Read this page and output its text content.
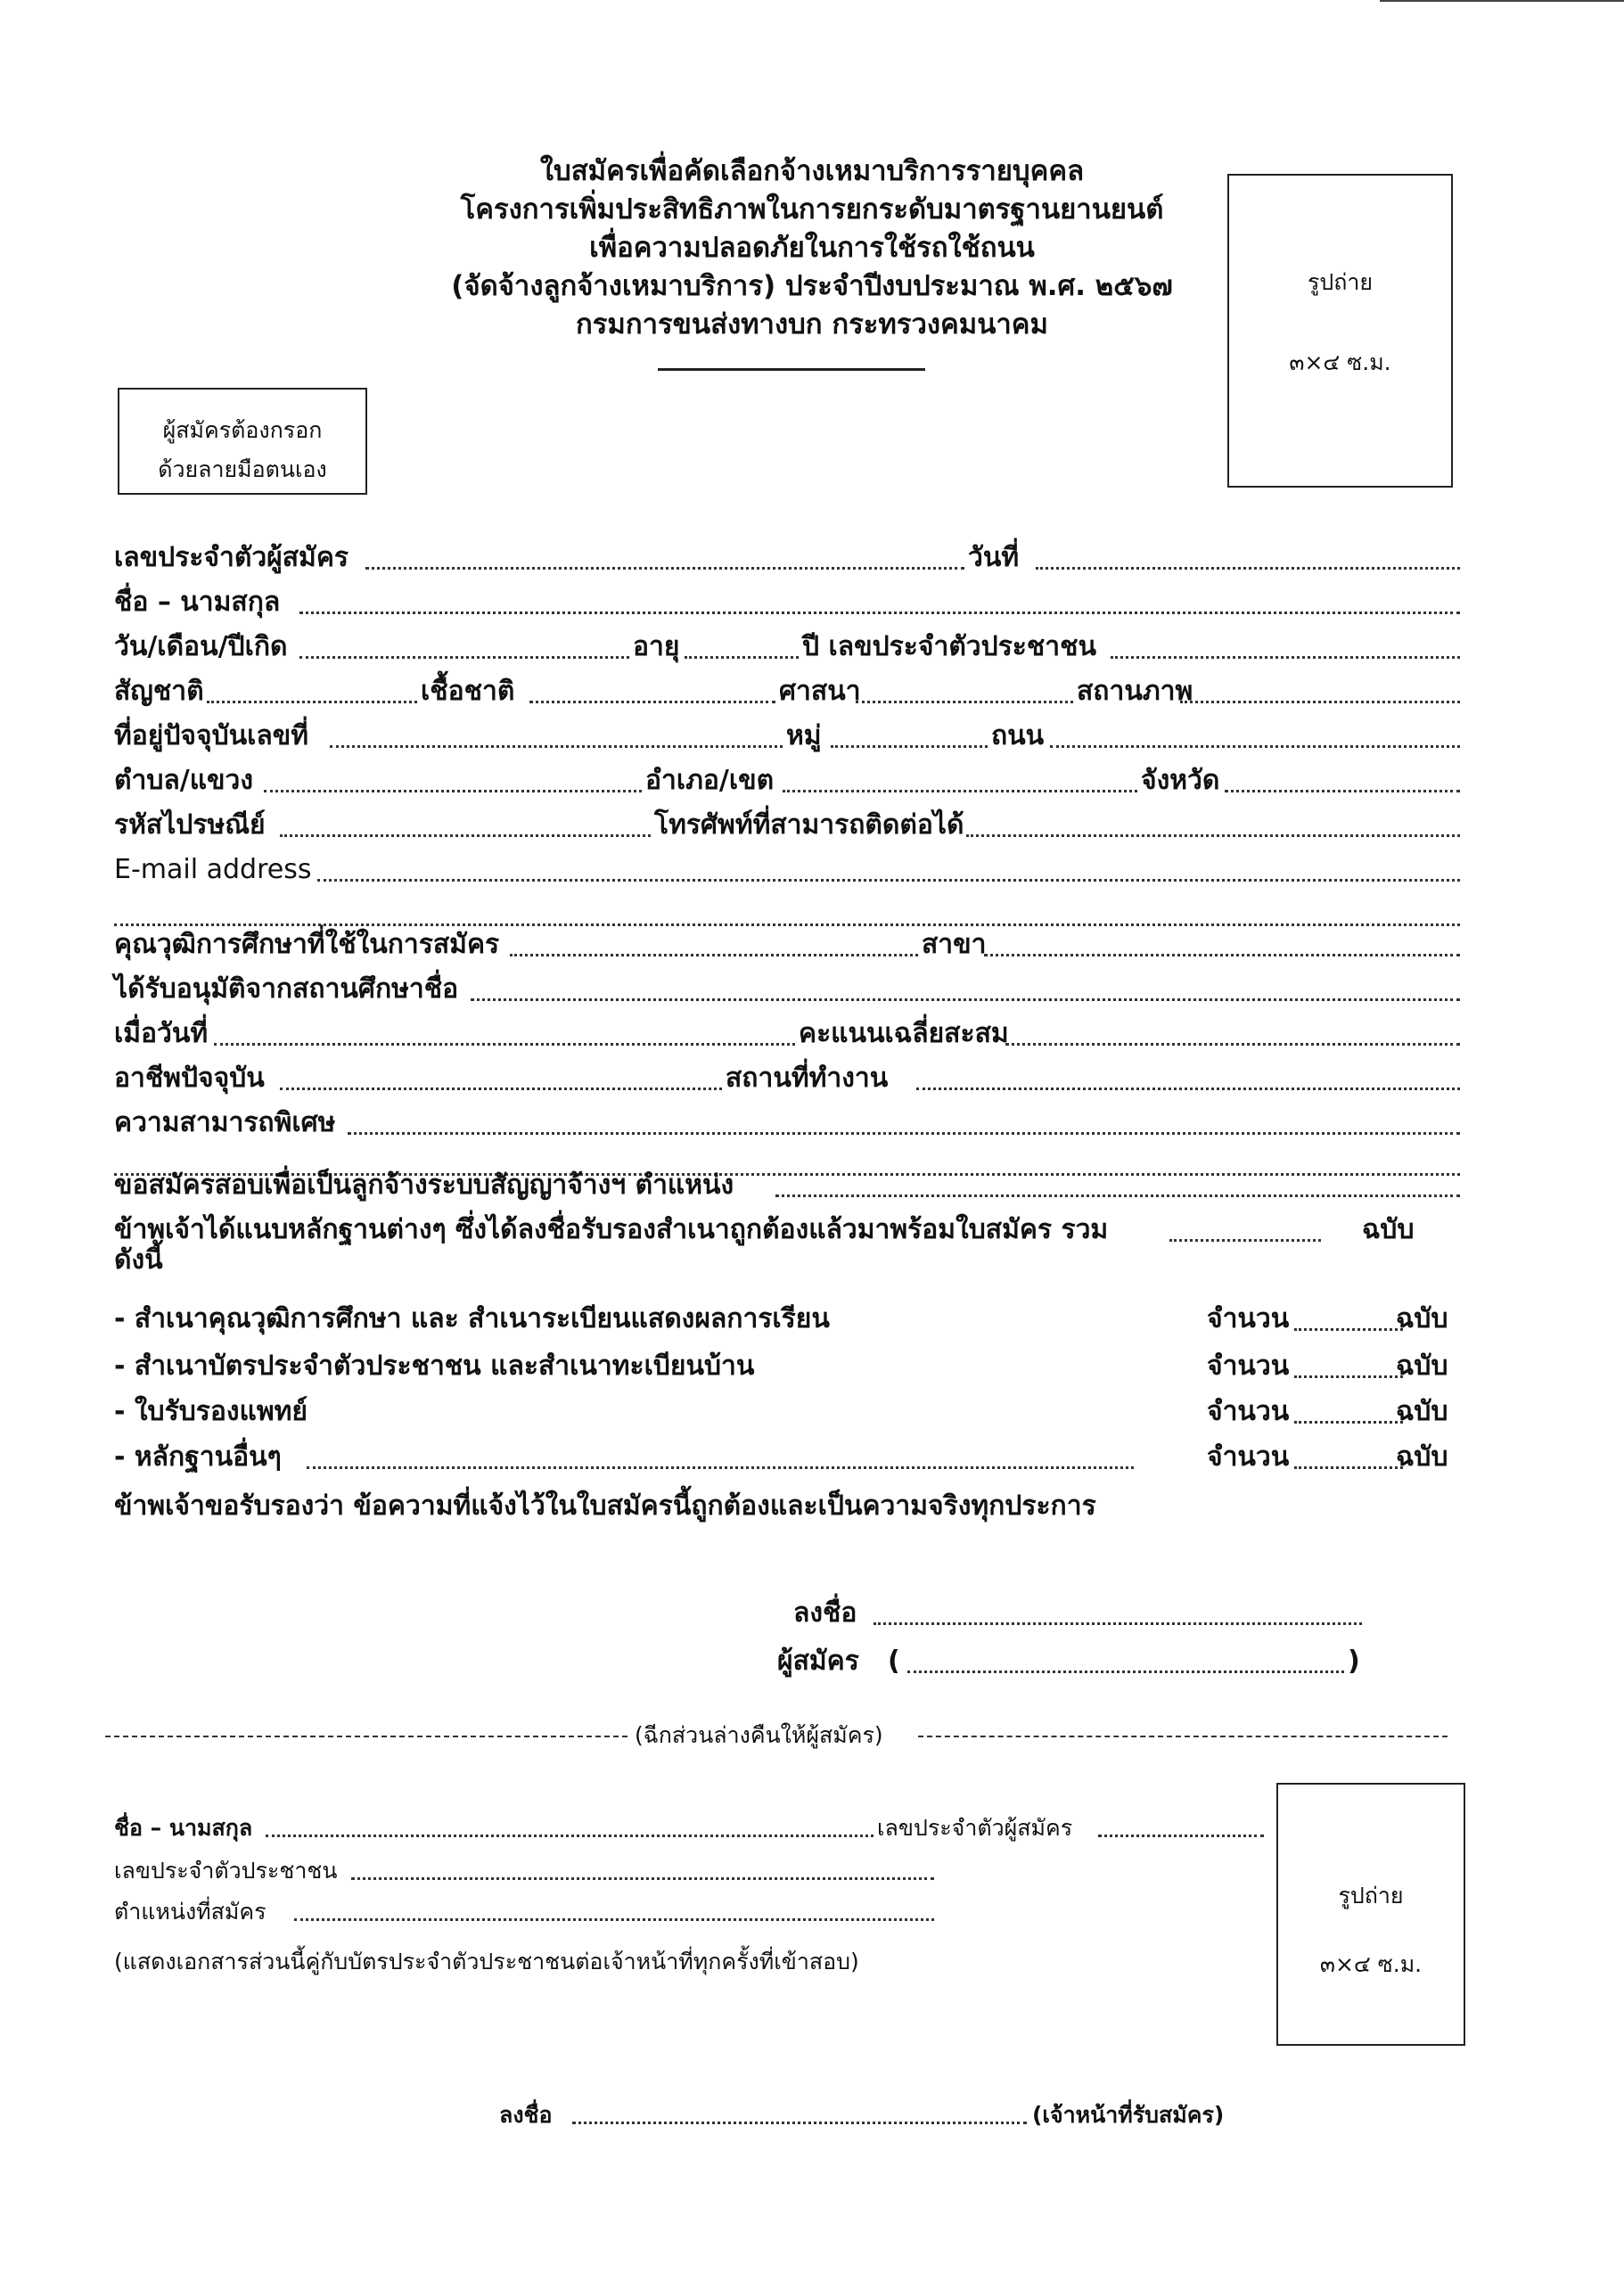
ใบสมัครเพื่อคัดเลือกจ้างเหมาบริการรายบุคคล
โครงการเพิ่มประสิทธิภาพในการยกระดับมาตรฐานยานยนต์
เพื่อความปลอดภัยในการใช้รถใช้ถนน
(จัดจ้างลูกจ้างเหมาบริการ) ประจำปีงบประมาณ พ.ศ. ๒๕๖๗
กรมการขนส่งทางบก กระทรวงคมนาคม
รูปถ่าย
๓×๔ ซ.ม.
ผู้สมัครต้องกรอก
ด้วยลายมือตนเอง
เลขประจำตัวผู้สมัคร	วันที่
ชื่อ – นามสกุล
วัน/เดือน/ปีเกิด	อายุ	ปี เลขประจำตัวประชาชน
สัญชาติ	เชื้อชาติ	ศาสนา	สถานภาพ
ที่อยู่ปัจจุบันเลขที่	หมู่	ถนน
ตำบล/แขวง	อำเภอ/เขต	จังหวัด
รหัสไปรษณีย์	โทรศัพท์ที่สามารถติดต่อได้
E-mail address
คุณวุฒิการศึกษาที่ใช้ในการสมัคร	สาขา
ได้รับอนุมัติจากสถานศึกษาชื่อ
เมื่อวันที่	คะแนนเฉลี่ยสะสม
อาชีพปัจจุบัน	สถานที่ทำงาน
ความสามารถพิเศษ
ขอสมัครสอบเพื่อเป็นลูกจ้างระบบสัญญาจ้างฯ ตำแหน่ง
ข้าพเจ้าได้แนบหลักฐานต่างๆ ซึ่งได้ลงชื่อรับรองสำเนาถูกต้องแล้วมาพร้อมใบสมัคร รวม	ฉบับ
ดังนี้
- สำเนาคุณวุฒิการศึกษา และ สำเนาระเบียนแสดงผลการเรียน	จำนวน	ฉบับ
- สำเนาบัตรประจำตัวประชาชน และสำเนาทะเบียนบ้าน	จำนวน	ฉบับ
- ใบรับรองแพทย์	จำนวน	ฉบับ
- หลักฐานอื่นๆ	จำนวน	ฉบับ
ข้าพเจ้าขอรับรองว่า ข้อความที่แจ้งไว้ในใบสมัครนี้ถูกต้องและเป็นความจริงทุกประการ
ลงชื่อ
ผู้สมัคร (	)
(ฉีกส่วนล่างคืนให้ผู้สมัคร)
ชื่อ – นามสกุล	เลขประจำตัวผู้สมัคร
เลขประจำตัวประชาชน
ตำแหน่งที่สมัคร
(แสดงเอกสารส่วนนี้คู่กับบัตรประจำตัวประชาชนต่อเจ้าหน้าที่ทุกครั้งที่เข้าสอบ)
รูปถ่าย
๓×๔ ซ.ม.
ลงชื่อ	(เจ้าหน้าที่รับสมัคร)
